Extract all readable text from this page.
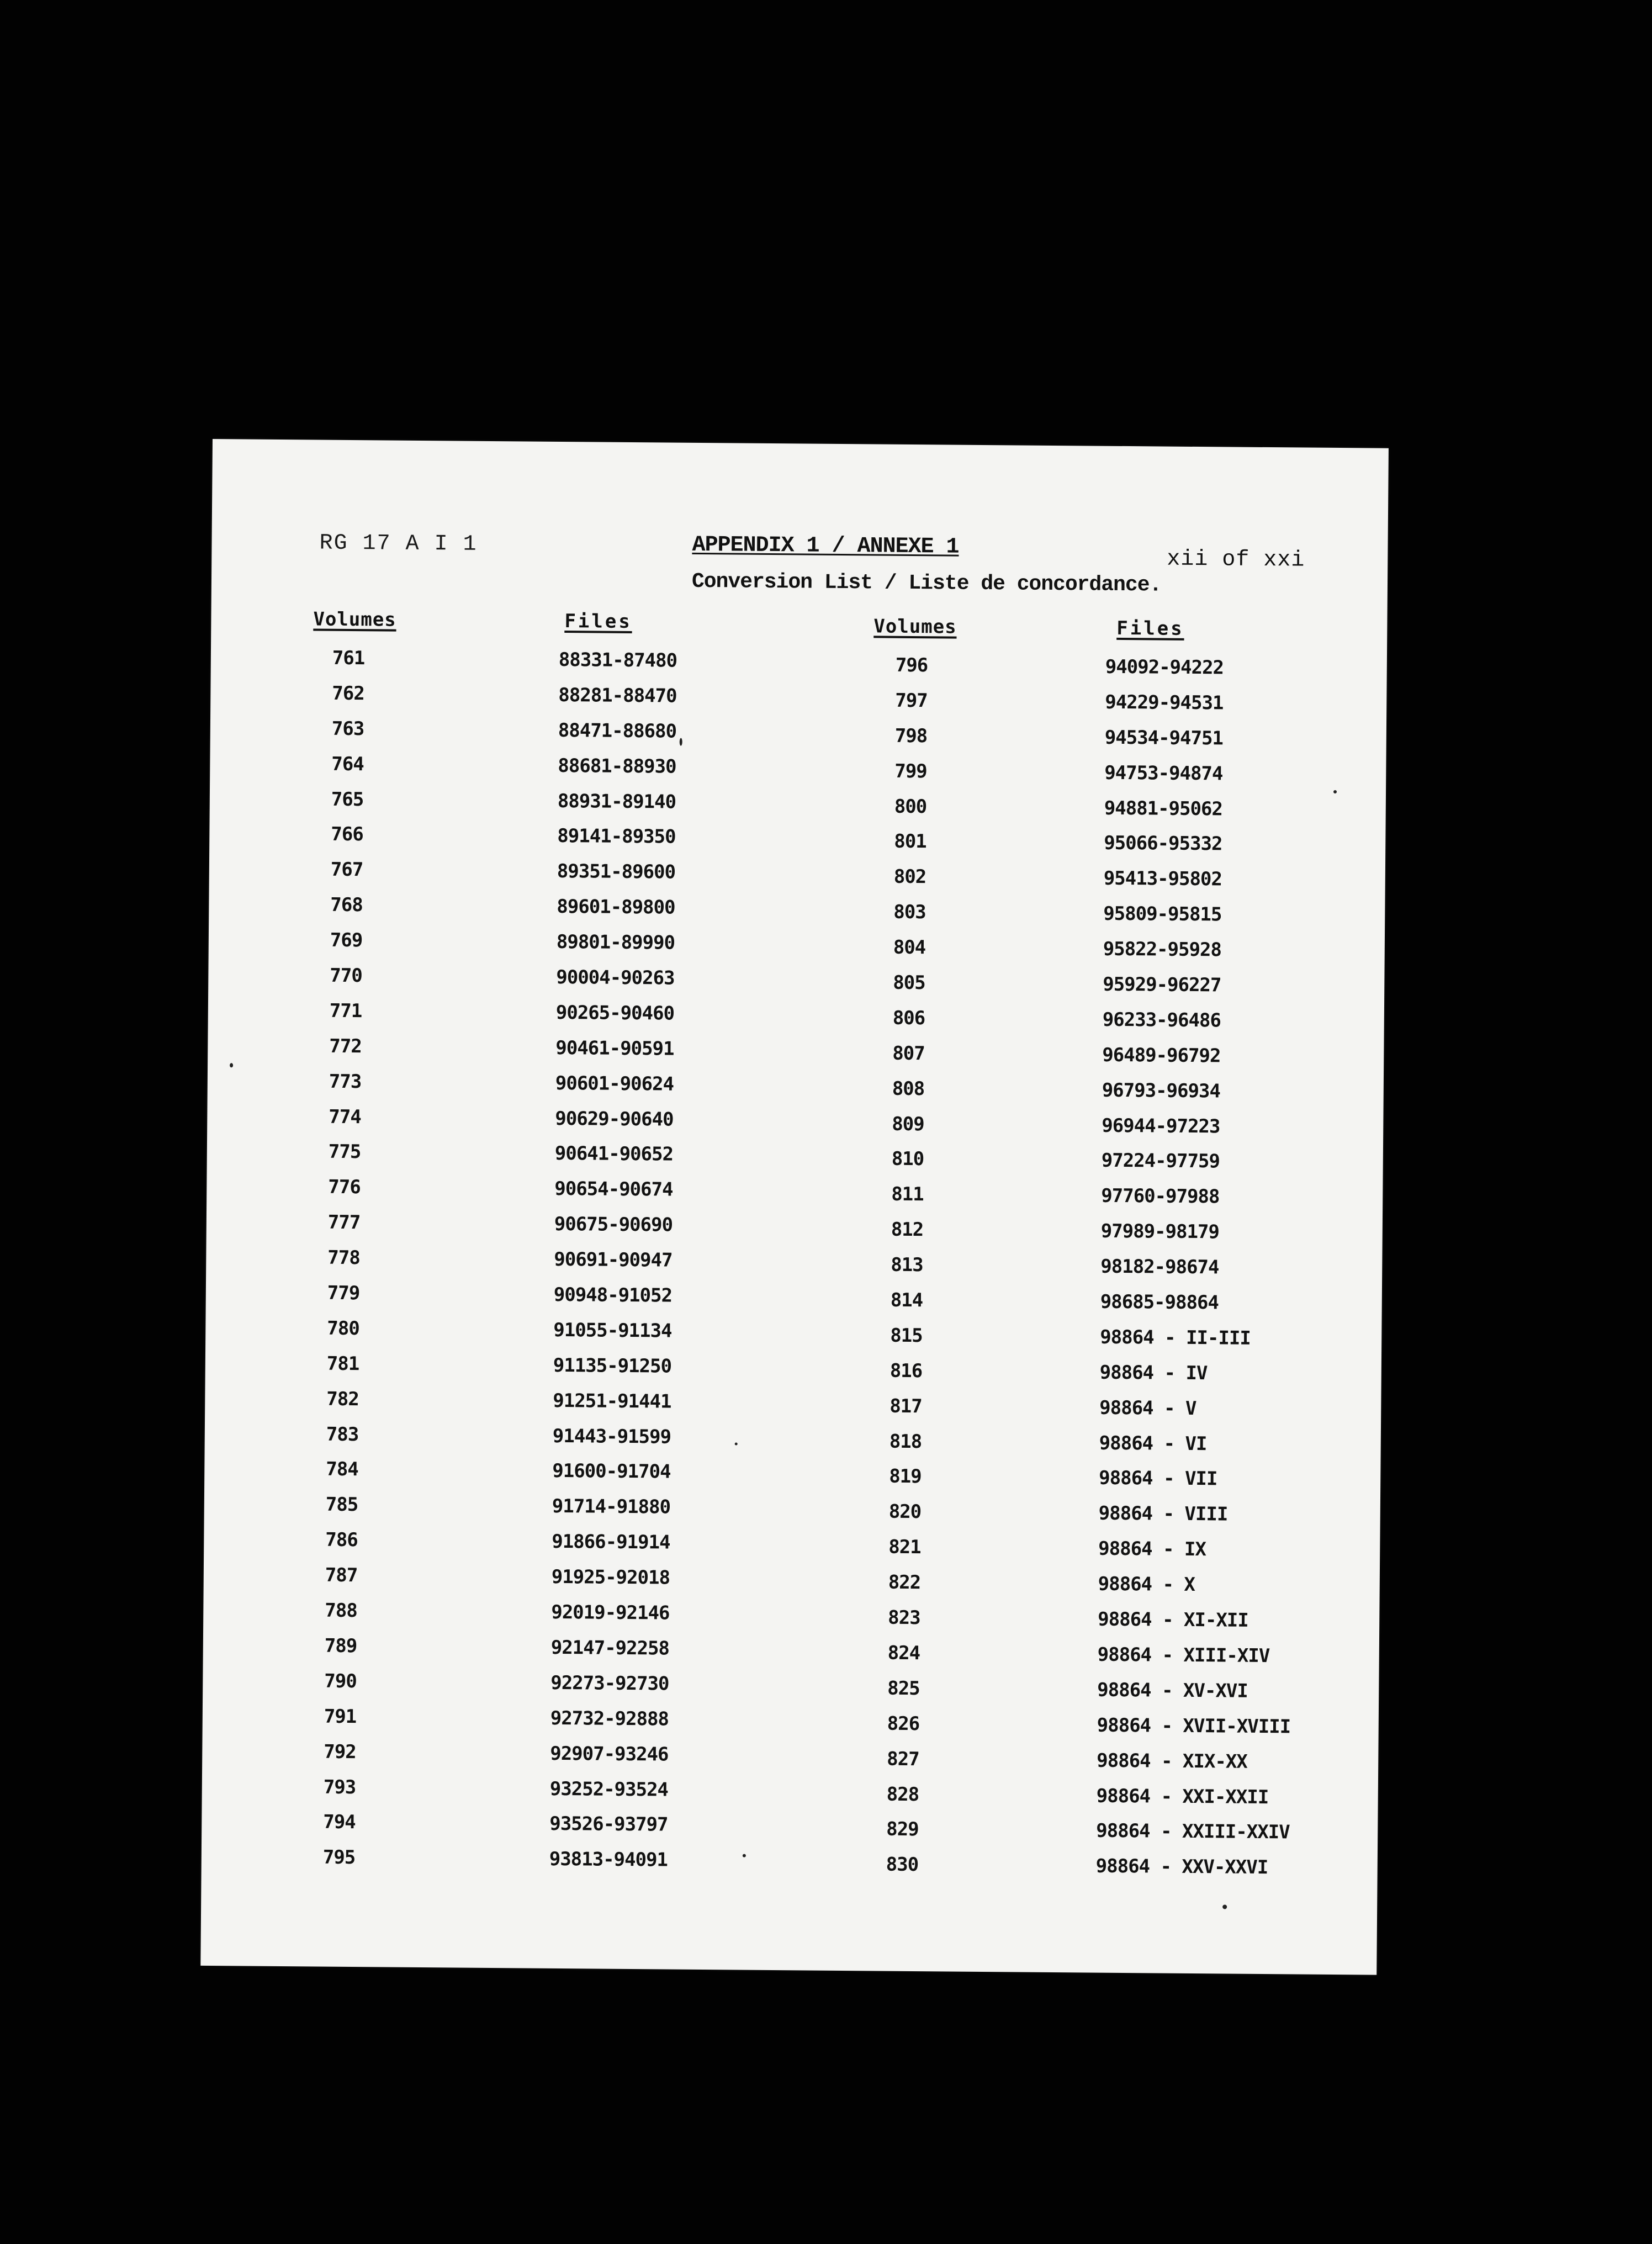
RG 17 A I 1	APPENDIX 1 / ANNEXE 1
xii of xxi
Conversion List / Liste de concordance.
Volumes	Files	Volumes	Files
761	88331-87480
762	88281-88470
763	88471-88680
764	88681-88930
765	88931-89140
766	89141-89350
767	89351-89600
768	89601-89800
769	89801-89990
770	90004-90263
771	90265-90460
772	90461-90591
773	90601-90624
774	90629-90640
775	90641-90652
776	90654-90674
777	90675-90690
778	90691-90947
779	90948-91052
780	91055-91134
781	91135-91250
782	91251-91441
783	91443-91599
784	91600-91704
785	91714-91880
786	91866-91914
787	91925-92018
788	92019-92146
789	92147-92258
790	92273-92730
791	92732-92888
792	92907-93246
793	93252-93524
794	93526-93797
795	93813-94091
796	94092-94222
797	94229-94531
798	94534-94751
799	94753-94874
800	94881-95062
801	95066-95332
802	95413-95802
803	95809-95815
804	95822-95928
805	95929-96227
806	96233-96486
807	96489-96792
808	96793-96934
809	96944-97223
810	97224-97759
811	97760-97988
812	97989-98179
813	98182-98674
814	98685-98864
815	98864 - II-III
816	98864 - IV
817	98864 - V
818	98864 - VI
819	98864 - VII
820	98864 - VIII
821	98864 - IX
822	98864 - X
823	98864 - XI-XII
824	98864 - XIII-XIV
825	98864 - XV-XVI
826	98864 - XVII-XVIII
827	98864 - XIX-XX
828	98864 - XXI-XXII
829	98864 - XXIII-XXIV
830	98864 - XXV-XXVI
